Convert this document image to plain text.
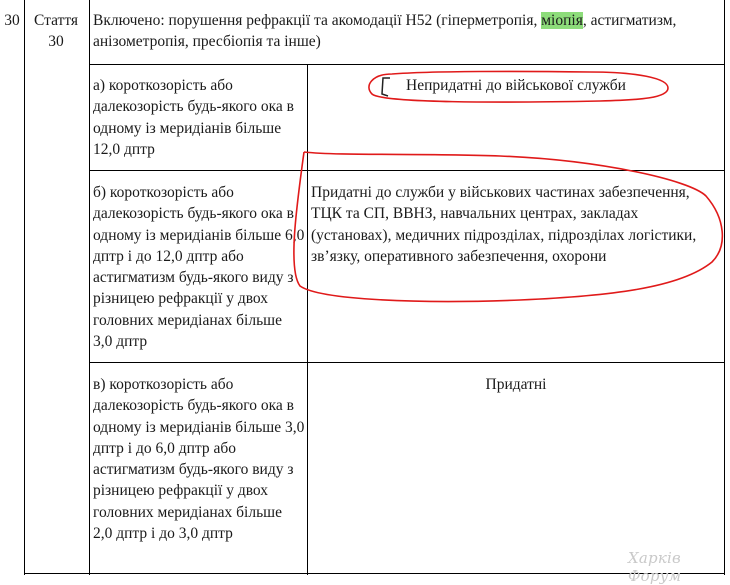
30 Стаття 30
Включено: порушення рефракції та акомодації Н52 (гіперметропія, міопія, астигматизм, анізометропія, пресбіопія та інше)
а) короткозорість або далекозорість будь-якого ока в одному із меридіанів більше 12,0 дптр
Непридатні до військової служби
б) короткозорість або далекозорість будь-якого ока в одному із меридіанів більше 6,0 дптр і до 12,0 дптр або астигматизм будь-якого виду з різницею рефракції у двох головних меридіанах більше 3,0 дптр
Придатні до служби у військових частинах забезпечення, ТЦК та СП, ВВНЗ, навчальних центрах, закладах (установах), медичних підрозділах, підрозділах логістики, зв’язку, оперативного забезпечення, охорони
в) короткозорість або далекозорість будь-якого ока в одному із меридіанів більше 3,0 дптр і до 6,0 дптр або астигматизм будь-якого виду з різницею рефракції у двох головних меридіанах більше 2,0 дптр і до 3,0 дптр
Придатні
Харків Форум
